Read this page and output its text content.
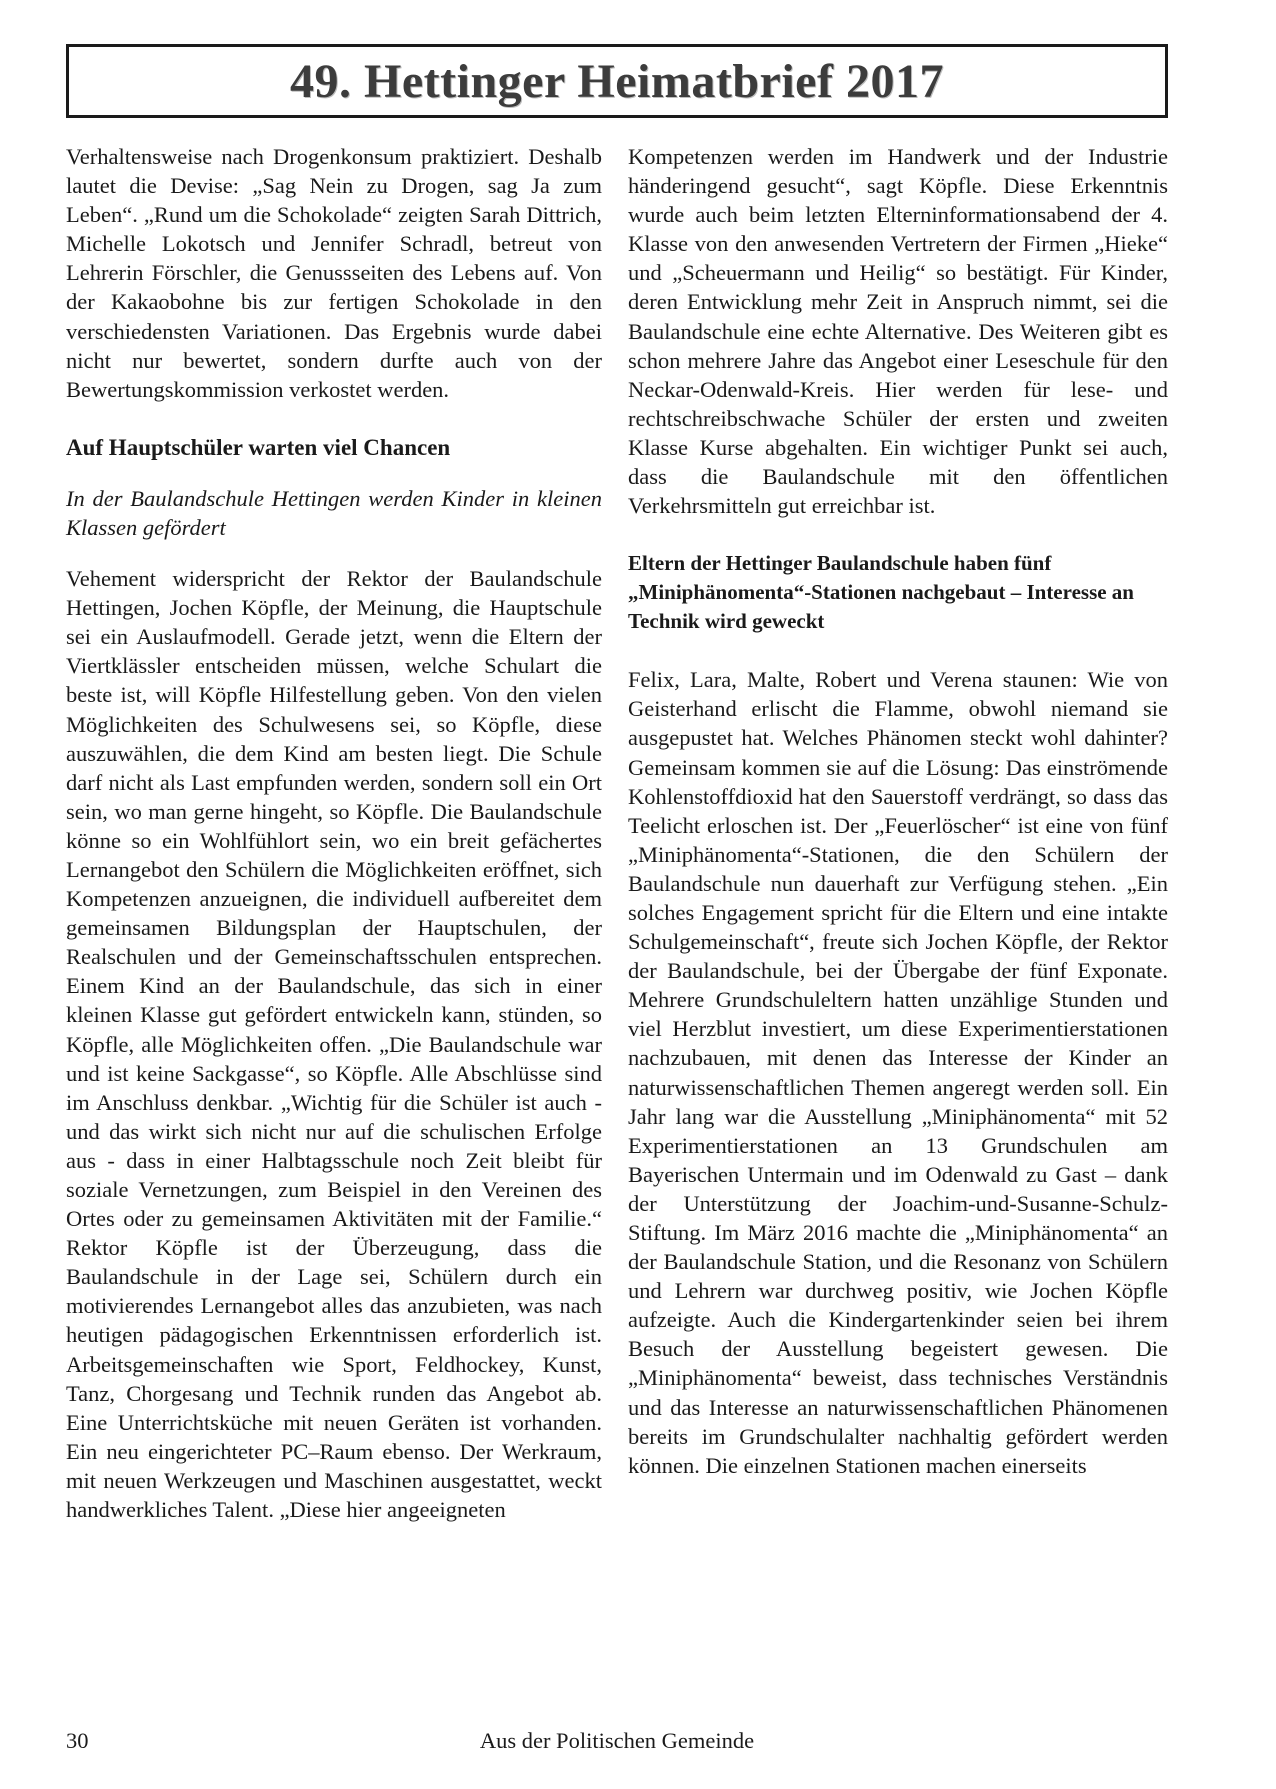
49. Hettinger Heimatbrief 2017

Verhaltensweise nach Drogenkonsum praktiziert. Deshalb lautet die Devise: „Sag Nein zu Drogen, sag Ja zum Leben“. „Rund um die Schokolade“ zeigten Sarah Dittrich, Michelle Lokotsch und Jennifer Schradl, betreut von Lehrerin Förschler, die Genussseiten des Lebens auf. Von der Kakaobohne bis zur fertigen Schokolade in den verschiedensten Variationen. Das Ergebnis wurde dabei nicht nur bewertet, sondern durfte auch von der Bewertungskommission verkostet werden.

Auf Hauptschüler warten viel Chancen

In der Baulandschule Hettingen werden Kinder in kleinen Klassen gefördert

Vehement widerspricht der Rektor der Baulandschule Hettingen, Jochen Köpfle, der Meinung, die Hauptschule sei ein Auslaufmodell. Gerade jetzt, wenn die Eltern der Viertklässler entscheiden müssen, welche Schulart die beste ist, will Köpfle Hilfestellung geben. Von den vielen Möglichkeiten des Schulwesens sei, so Köpfle, diese auszuwählen, die dem Kind am besten liegt. Die Schule darf nicht als Last empfunden werden, sondern soll ein Ort sein, wo man gerne hingeht, so Köpfle. Die Baulandschule könne so ein Wohlfühlort sein, wo ein breit gefächertes Lernangebot den Schülern die Möglichkeiten eröffnet, sich Kompetenzen anzueignen, die individuell aufbereitet dem gemeinsamen Bildungsplan der Hauptschulen, der Realschulen und der Gemeinschaftsschulen entsprechen. Einem Kind an der Baulandschule, das sich in einer kleinen Klasse gut gefördert entwickeln kann, stünden, so Köpfle, alle Möglichkeiten offen. „Die Baulandschule war und ist keine Sackgasse“, so Köpfle. Alle Abschlüsse sind im Anschluss denkbar. „Wichtig für die Schüler ist auch - und das wirkt sich nicht nur auf die schulischen Erfolge aus - dass in einer Halbtagsschule noch Zeit bleibt für soziale Vernetzungen, zum Beispiel in den Vereinen des Ortes oder zu gemeinsamen Aktivitäten mit der Familie.“ Rektor Köpfle ist der Überzeugung, dass die Baulandschule in der Lage sei, Schülern durch ein motivierendes Lernangebot alles das anzubieten, was nach heutigen pädagogischen Erkenntnissen erforderlich ist. Arbeitsgemeinschaften wie Sport, Feldhockey, Kunst, Tanz, Chorgesang und Technik runden das Angebot ab. Eine Unterrichtsküche mit neuen Geräten ist vorhanden. Ein neu eingerichteter PC–Raum ebenso. Der Werkraum, mit neuen Werkzeugen und Maschinen ausgestattet, weckt handwerkliches Talent. „Diese hier angeeigneten

Kompetenzen werden im Handwerk und der Industrie händeringend gesucht“, sagt Köpfle. Diese Erkenntnis wurde auch beim letzten Elterninformationsabend der 4. Klasse von den anwesenden Vertretern der Firmen „Hieke“ und „Scheuermann und Heilig“ so bestätigt. Für Kinder, deren Entwicklung mehr Zeit in Anspruch nimmt, sei die Baulandschule eine echte Alternative. Des Weiteren gibt es schon mehrere Jahre das Angebot einer Leseschule für den Neckar-Odenwald-Kreis. Hier werden für lese- und rechtschreibschwache Schüler der ersten und zweiten Klasse Kurse abgehalten. Ein wichtiger Punkt sei auch, dass die Baulandschule mit den öffentlichen Verkehrsmitteln gut erreichbar ist.

Eltern der Hettinger Baulandschule haben fünf „Miniphänomenta“-Stationen nachgebaut – Interesse an Technik wird geweckt

Felix, Lara, Malte, Robert und Verena staunen: Wie von Geisterhand erlischt die Flamme, obwohl niemand sie ausgepustet hat. Welches Phänomen steckt wohl dahinter? Gemeinsam kommen sie auf die Lösung: Das einströmende Kohlenstoffdioxid hat den Sauerstoff verdrängt, so dass das Teelicht erloschen ist. Der „Feuerlöscher“ ist eine von fünf „Miniphänomenta“-Stationen, die den Schülern der Baulandschule nun dauerhaft zur Verfügung stehen. „Ein solches Engagement spricht für die Eltern und eine intakte Schulgemeinschaft“, freute sich Jochen Köpfle, der Rektor der Baulandschule, bei der Übergabe der fünf Exponate. Mehrere Grundschuleltern hatten unzählige Stunden und viel Herzblut investiert, um diese Experimentierstationen nachzubauen, mit denen das Interesse der Kinder an naturwissenschaftlichen Themen angeregt werden soll. Ein Jahr lang war die Ausstellung „Miniphänomenta“ mit 52 Experimentierstationen an 13 Grundschulen am Bayerischen Untermain und im Odenwald zu Gast – dank der Unterstützung der Joachim-und-Susanne-Schulz-Stiftung. Im März 2016 machte die „Miniphänomenta“ an der Baulandschule Station, und die Resonanz von Schülern und Lehrern war durchweg positiv, wie Jochen Köpfle aufzeigte. Auch die Kindergartenkinder seien bei ihrem Besuch der Ausstellung begeistert gewesen. Die „Miniphänomenta“ beweist, dass technisches Verständnis und das Interesse an naturwissenschaftlichen Phänomenen bereits im Grundschulalter nachhaltig gefördert werden können. Die einzelnen Stationen machen einerseits

30	Aus der Politischen Gemeinde
